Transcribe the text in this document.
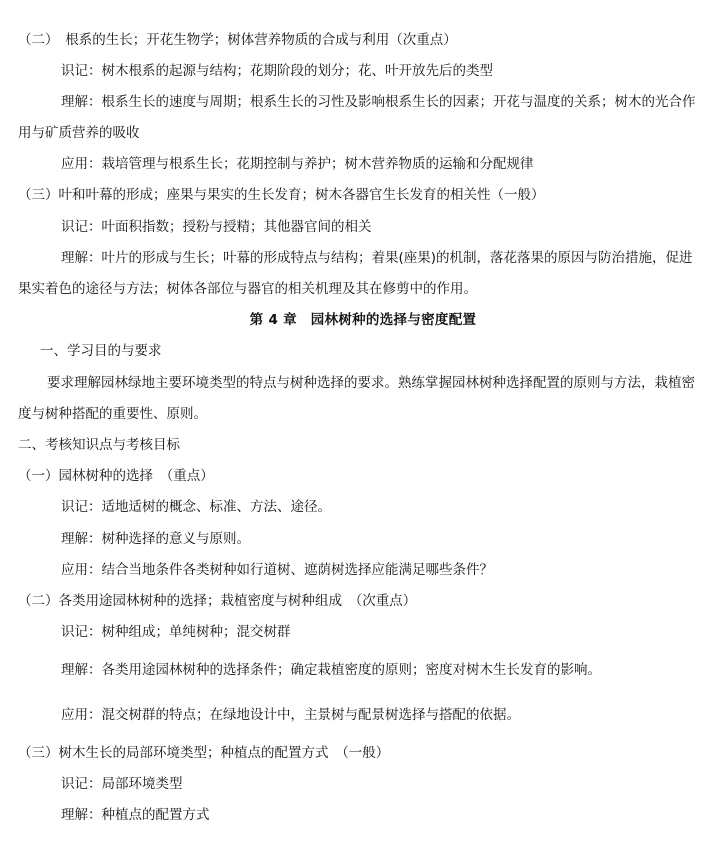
（二）　根系的生长；开花生物学；树体营养物质的合成与利用（次重点）
识记：树木根系的起源与结构；花期阶段的划分；花、叶开放先后的类型
理解：根系生长的速度与周期；根系生长的习性及影响根系生长的因素；开花与温度的关系；树木的光合作
用与矿质营养的吸收
应用：栽培管理与根系生长；花期控制与养护；树木营养物质的运输和分配规律
（三）叶和叶幕的形成；座果与果实的生长发育；树木各器官生长发育的相关性（一般）
识记：叶面积指数；授粉与授精；其他器官间的相关
理解：叶片的形成与生长；叶幕的形成特点与结构；着果(座果)的机制，落花落果的原因与防治措施，促进
果实着色的途径与方法；树体各部位与器官的相关机理及其在修剪中的作用。
第 4 章　园林树种的选择与密度配置
一、学习目的与要求
要求理解园林绿地主要环境类型的特点与树种选择的要求。熟练掌握园林树种选择配置的原则与方法，栽植密
度与树种搭配的重要性、原则。
二、考核知识点与考核目标
（一）园林树种的选择　（重点）
识记：适地适树的概念、标准、方法、途径。
理解：树种选择的意义与原则。
应用：结合当地条件各类树种如行道树、遮荫树选择应能满足哪些条件？
（二）各类用途园林树种的选择；栽植密度与树种组成　（次重点）
识记：树种组成；单纯树种；混交树群
理解：各类用途园林树种的选择条件；确定栽植密度的原则；密度对树木生长发育的影响。
应用：混交树群的特点；在绿地设计中，主景树与配景树选择与搭配的依据。
（三）树木生长的局部环境类型；种植点的配置方式　（一般）
识记：局部环境类型
理解：种植点的配置方式
